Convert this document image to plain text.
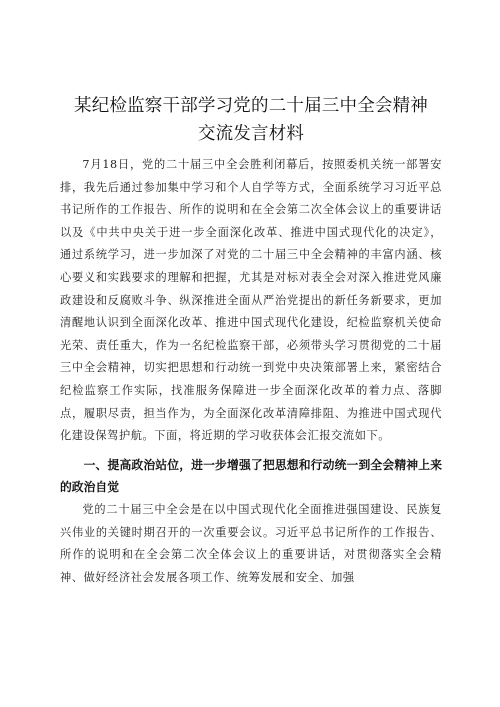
某纪检监察干部学习党的二十届三中全会精神
交流发言材料

7月18日，党的二十届三中全会胜利闭幕后，按照委机关统一部署安排，我先后通过参加集中学习和个人自学等方式，全面系统学习习近平总书记所作的工作报告、所作的说明和在全会第二次全体会议上的重要讲话以及《中共中央关于进一步全面深化改革、推进中国式现代化的决定》，通过系统学习，进一步加深了对党的二十届三中全会精神的丰富内涵、核心要义和实践要求的理解和把握，尤其是对标对表全会对深入推进党风廉政建设和反腐败斗争、纵深推进全面从严治党提出的新任务新要求，更加清醒地认识到全面深化改革、推进中国式现代化建设，纪检监察机关使命光荣、责任重大，作为一名纪检监察干部，必须带头学习贯彻党的二十届三中全会精神，切实把思想和行动统一到党中央决策部署上来，紧密结合纪检监察工作实际，找准服务保障进一步全面深化改革的着力点、落脚点，履职尽责，担当作为，为全面深化改革清障排阻、为推进中国式现代化建设保驾护航。下面，将近期的学习收获体会汇报交流如下。

一、提高政治站位，进一步增强了把思想和行动统一到全会精神上来的政治自觉

党的二十届三中全会是在以中国式现代化全面推进强国建设、民族复兴伟业的关键时期召开的一次重要会议。习近平总书记所作的工作报告、所作的说明和在全会第二次全体会议上的重要讲话，对贯彻落实全会精神、做好经济社会发展各项工作、统筹发展和安全、加强
